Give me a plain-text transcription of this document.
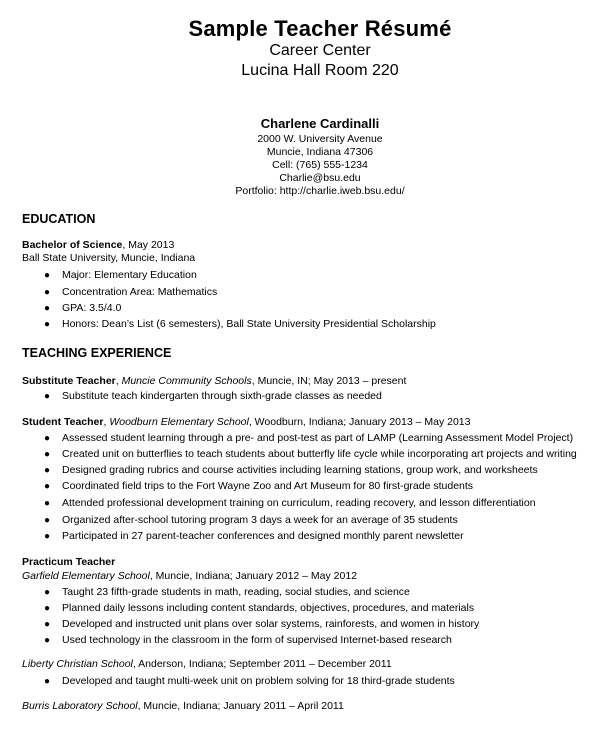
Sample Teacher Résumé
Career Center
Lucina Hall Room 220
Charlene Cardinalli
2000 W. University Avenue
Muncie, Indiana 47306
Cell: (765) 555-1234
Charlie@bsu.edu
Portfolio: http://charlie.iweb.bsu.edu/
EDUCATION
Bachelor of Science, May 2013
Ball State University, Muncie, Indiana
● Major: Elementary Education
● Concentration Area: Mathematics
● GPA: 3.5/4.0
● Honors: Dean’s List (6 semesters), Ball State University Presidential Scholarship
TEACHING EXPERIENCE
Substitute Teacher, Muncie Community Schools, Muncie, IN; May 2013 – present
● Substitute teach kindergarten through sixth-grade classes as needed
Student Teacher, Woodburn Elementary School, Woodburn, Indiana; January 2013 – May 2013
● Assessed student learning through a pre- and post-test as part of LAMP (Learning Assessment Model Project)
● Created unit on butterflies to teach students about butterfly life cycle while incorporating art projects and writing
● Designed grading rubrics and course activities including learning stations, group work, and worksheets
● Coordinated field trips to the Fort Wayne Zoo and Art Museum for 80 first-grade students
● Attended professional development training on curriculum, reading recovery, and lesson differentiation
● Organized after-school tutoring program 3 days a week for an average of 35 students
● Participated in 27 parent-teacher conferences and designed monthly parent newsletter
Practicum Teacher
Garfield Elementary School, Muncie, Indiana; January 2012 – May 2012
● Taught 23 fifth-grade students in math, reading, social studies, and science
● Planned daily lessons including content standards, objectives, procedures, and materials
● Developed and instructed unit plans over solar systems, rainforests, and women in history
● Used technology in the classroom in the form of supervised Internet-based research
Liberty Christian School, Anderson, Indiana; September 2011 – December 2011
● Developed and taught multi-week unit on problem solving for 18 third-grade students
Burris Laboratory School, Muncie, Indiana; January 2011 – April 2011
